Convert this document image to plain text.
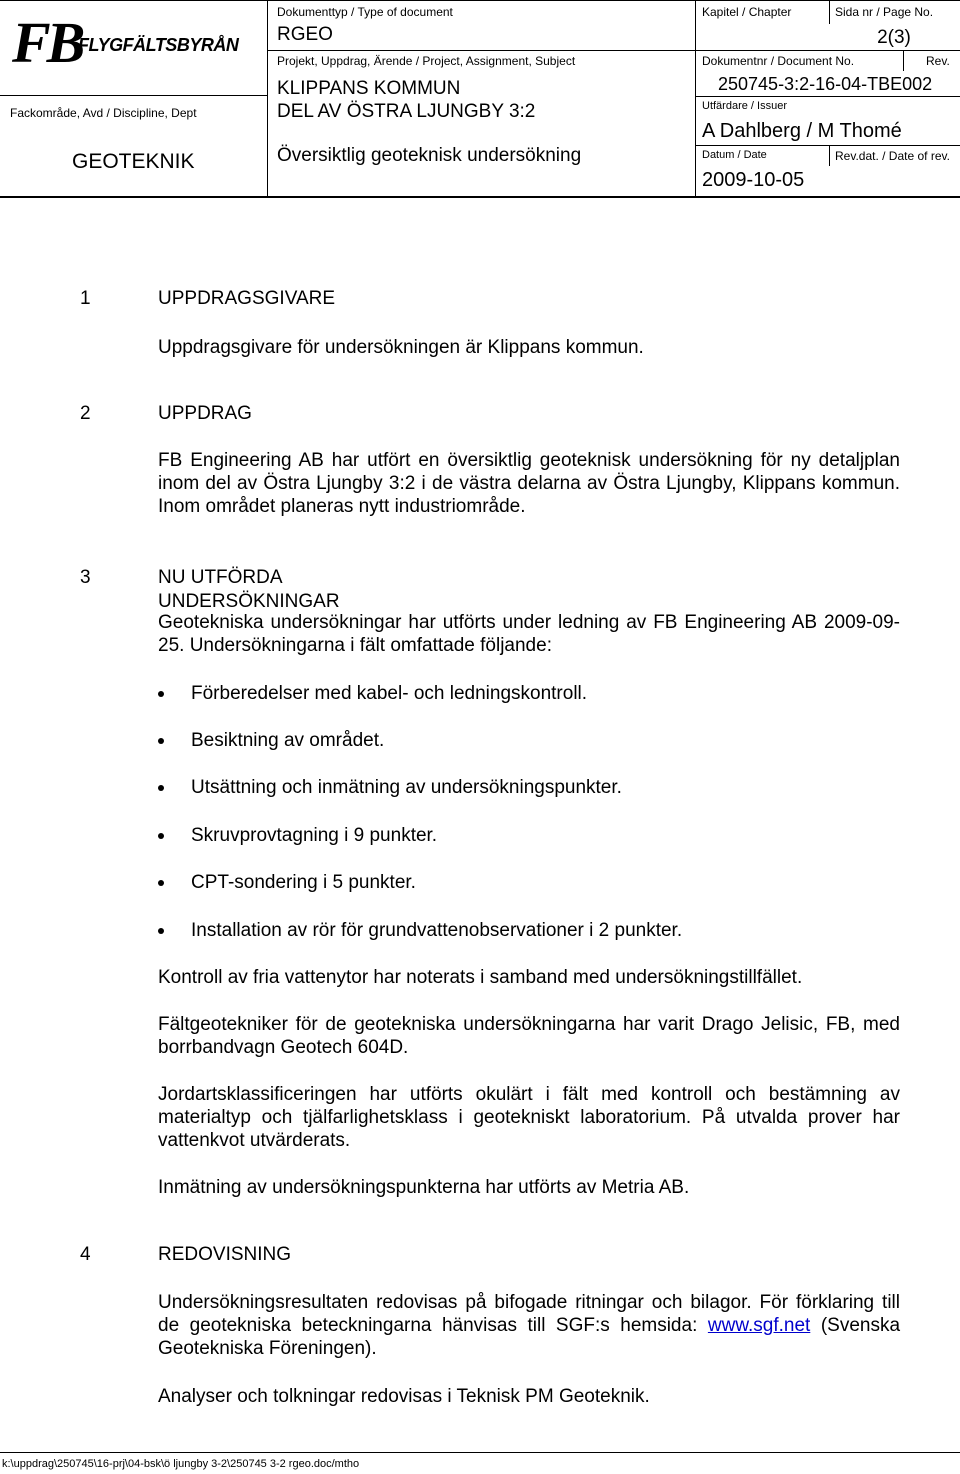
FB
FLYGFÄLTSBYRÅN
Fackområde, Avd / Discipline, Dept
GEOTEKNIK
Dokumenttyp / Type of document
RGEO
Projekt, Uppdrag, Ärende / Project, Assignment, Subject
KLIPPANS KOMMUN
DEL AV ÖSTRA LJUNGBY 3:2
Översiktlig geoteknisk undersökning
Kapitel / Chapter	Sida nr / Page No.
2(3)
Dokumentnr / Document No.	Rev.
250745-3:2-16-04-TBE002
Utfärdare / Issuer
A Dahlberg / M Thomé
Datum / Date	Rev.dat. / Date of rev.
2009-10-05
1	UPPDRAGSGIVARE
Uppdragsgivare för undersökningen är Klippans kommun.
2	UPPDRAG
FB Engineering AB har utfört en översiktlig geoteknisk undersökning för ny detaljplan inom del av Östra Ljungby 3:2 i de västra delarna av Östra Ljungby, Klippans kommun. Inom området planeras nytt industriområde.
3	NU UTFÖRDA UNDERSÖKNINGAR
Geotekniska undersökningar har utförts under ledning av FB Engineering AB 2009-09-25. Undersökningarna i fält omfattade följande:
Förberedelser med kabel- och ledningskontroll.
Besiktning av området.
Utsättning och inmätning av undersökningspunkter.
Skruvprovtagning i 9 punkter.
CPT-sondering i 5 punkter.
Installation av rör för grundvattenobservationer i 2 punkter.
Kontroll av fria vattenytor har noterats i samband med undersökningstillfället.
Fältgeotekniker för de geotekniska undersökningarna har varit Drago Jelisic, FB, med borrbandvagn Geotech 604D.
Jordartsklassificeringen har utförts okulärt i fält med kontroll och bestämning av materialtyp och tjälfarlighetsklass i geotekniskt laboratorium. På utvalda prover har vattenkvot utvärderats.
Inmätning av undersökningspunkterna har utförts av Metria AB.
4	REDOVISNING
Undersökningsresultaten redovisas på bifogade ritningar och bilagor. För förklaring till de geotekniska beteckningarna hänvisas till SGF:s hemsida: www.sgf.net (Svenska Geotekniska Föreningen).
Analyser och tolkningar redovisas i Teknisk PM Geoteknik.
k:\uppdrag\250745\16-prj\04-bsk\ö ljungby 3-2\250745 3-2 rgeo.doc/mtho
